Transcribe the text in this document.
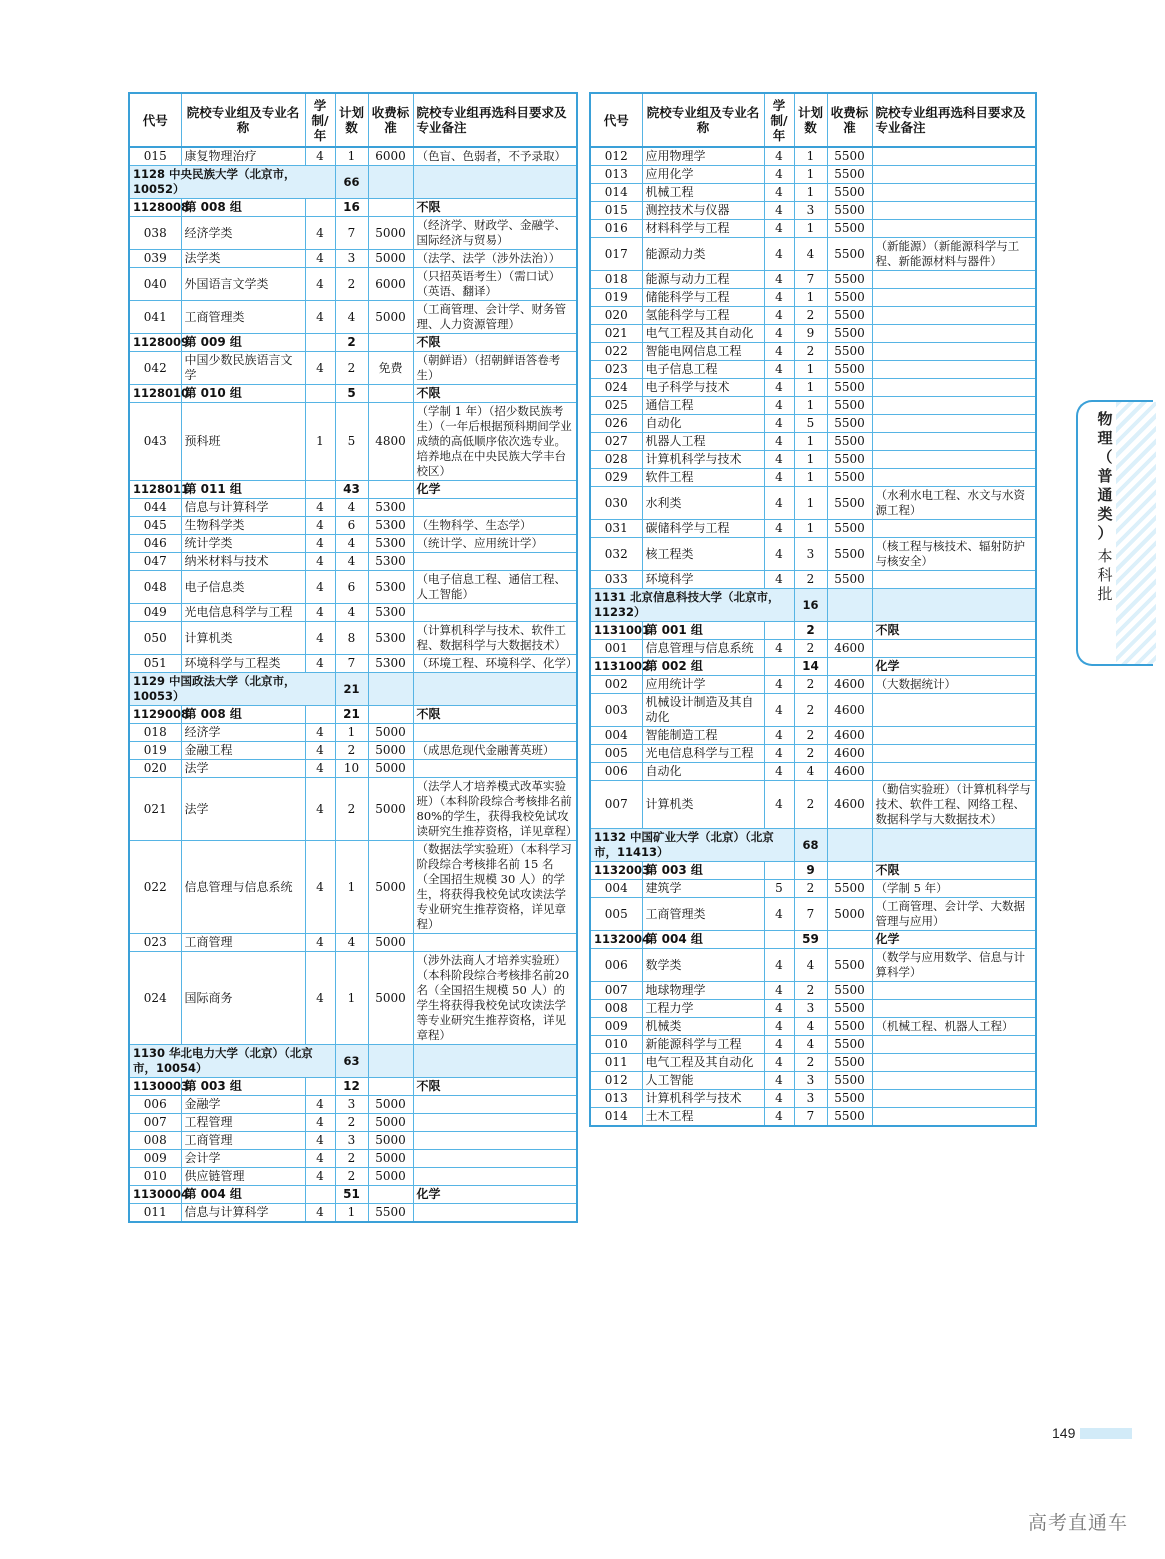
代号	院校专业组及专业名称	学制/年	计划数	收费标准	院校专业组再选科目要求及专业备注
015	康复物理治疗	4	1	6000	（色盲、色弱者，不予录取）
1128 中央民族大学（北京市，10052）			66		
1128008	第 008 组		16		不限
038	经济学类	4	7	5000	（经济学、财政学、金融学、国际经济与贸易）
039	法学类	4	3	5000	（法学、法学（涉外法治））
040	外国语言文学类	4	2	6000	（只招英语考生）（需口试）（英语、翻译）
041	工商管理类	4	4	5000	（工商管理、会计学、财务管理、人力资源管理）
1128009	第 009 组		2		不限
042	中国少数民族语言文学	4	2	免费	（朝鲜语）（招朝鲜语答卷考生）
1128010	第 010 组		5		不限
043	预科班	1	5	4800	（学制 1 年）（招少数民族考生）（一年后根据预科期间学业成绩的高低顺序依次选专业。培养地点在中央民族大学丰台校区）
1128011	第 011 组		43		化学
044	信息与计算科学	4	4	5300	
045	生物科学类	4	6	5300	（生物科学、生态学）
046	统计学类	4	4	5300	（统计学、应用统计学）
047	纳米材料与技术	4	4	5300	
048	电子信息类	4	6	5300	（电子信息工程、通信工程、人工智能）
049	光电信息科学与工程	4	4	5300	
050	计算机类	4	8	5300	（计算机科学与技术、软件工程、数据科学与大数据技术）
051	环境科学与工程类	4	7	5300	（环境工程、环境科学、化学）
1129 中国政法大学（北京市，10053）			21		
1129008	第 008 组		21		不限
018	经济学	4	1	5000	
019	金融工程	4	2	5000	（成思危现代金融菁英班）
020	法学	4	10	5000	
021	法学	4	2	5000	（法学人才培养模式改革实验班）（本科阶段综合考核排名前80%的学生，获得我校免试攻读研究生推荐资格，详见章程）
022	信息管理与信息系统	4	1	5000	（数据法学实验班）（本科学习阶段综合考核排名前 15 名（全国招生规模 30 人）的学生，将获得我校免试攻读法学专业研究生推荐资格，详见章程）
023	工商管理	4	4	5000	
024	国际商务	4	1	5000	（涉外法商人才培养实验班）（本科阶段综合考核排名前20 名（全国招生规模 50 人）的学生将获得我校免试攻读法学等专业研究生推荐资格，详见章程）
1130 华北电力大学（北京）（北京市，10054）			63		
1130003	第 003 组		12		不限
006	金融学	4	3	5000	
007	工程管理	4	2	5000	
008	工商管理	4	3	5000	
009	会计学	4	2	5000	
010	供应链管理	4	2	5000	
1130004	第 004 组		51		化学
011	信息与计算科学	4	1	5500	
代号	院校专业组及专业名称	学制/年	计划数	收费标准	院校专业组再选科目要求及专业备注
012	应用物理学	4	1	5500	
013	应用化学	4	1	5500	
014	机械工程	4	1	5500	
015	测控技术与仪器	4	3	5500	
016	材料科学与工程	4	1	5500	
017	能源动力类	4	4	5500	（新能源）（新能源科学与工程、新能源材料与器件）
018	能源与动力工程	4	7	5500	
019	储能科学与工程	4	1	5500	
020	氢能科学与工程	4	2	5500	
021	电气工程及其自动化	4	9	5500	
022	智能电网信息工程	4	2	5500	
023	电子信息工程	4	1	5500	
024	电子科学与技术	4	1	5500	
025	通信工程	4	1	5500	
026	自动化	4	5	5500	
027	机器人工程	4	1	5500	
028	计算机科学与技术	4	1	5500	
029	软件工程	4	1	5500	
030	水利类	4	1	5500	（水利水电工程、水文与水资源工程）
031	碳储科学与工程	4	1	5500	
032	核工程类	4	3	5500	（核工程与核技术、辐射防护与核安全）
033	环境科学	4	2	5500	
1131 北京信息科技大学（北京市，11232）			16		
1131001	第 001 组		2		不限
001	信息管理与信息系统	4	2	4600	
1131002	第 002 组		14		化学
002	应用统计学	4	2	4600	（大数据统计）
003	机械设计制造及其自动化	4	2	4600	
004	智能制造工程	4	2	4600	
005	光电信息科学与工程	4	2	4600	
006	自动化	4	4	4600	
007	计算机类	4	2	4600	（勤信实验班）（计算机科学与技术、软件工程、网络工程、数据科学与大数据技术）
1132 中国矿业大学（北京）（北京市，11413）			68		
1132003	第 003 组		9		不限
004	建筑学	5	2	5500	（学制 5 年）
005	工商管理类	4	7	5000	（工商管理、会计学、大数据管理与应用）
1132004	第 004 组		59		化学
006	数学类	4	4	5500	（数学与应用数学、信息与计算科学）
007	地球物理学	4	2	5500	
008	工程力学	4	3	5500	
009	机械类	4	4	5500	（机械工程、机器人工程）
010	新能源科学与工程	4	4	5500	
011	电气工程及其自动化	4	2	5500	
012	人工智能	4	3	5500	
013	计算机科学与技术	4	3	5500	
014	土木工程	4	7	5500	
物
理
（
普
通
类
）
本
科
批
149
高考直通车
